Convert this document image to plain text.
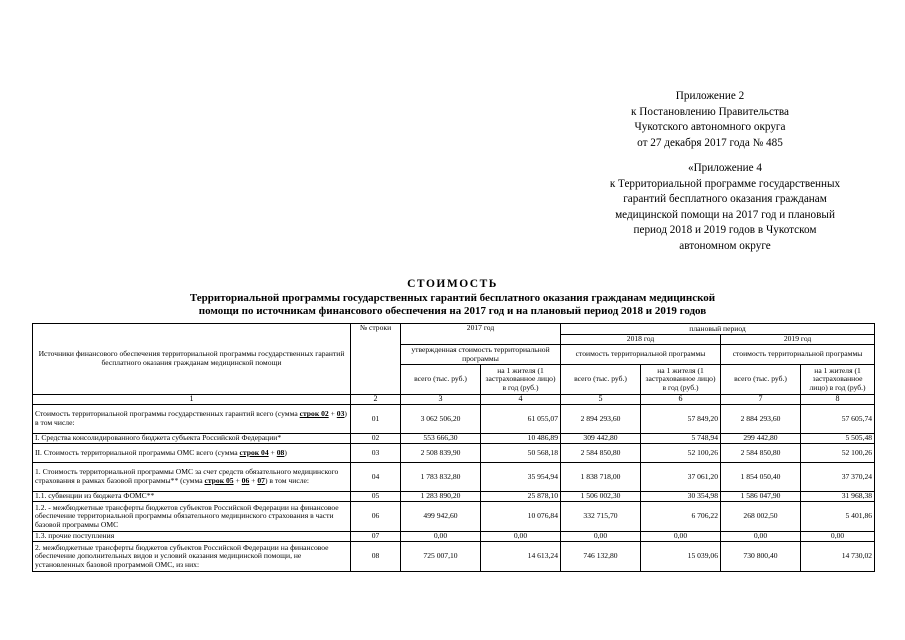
Приложение 2
к Постановлению Правительства
Чукотского автономного округа
от 27 декабря 2017 года № 485
«Приложение 4
к Территориальной программе государственных
гарантий бесплатного оказания гражданам
медицинской помощи на 2017 год и плановый
период 2018 и 2019 годов в Чукотском
автономном округе
СТОИМОСТЬ
Территориальной программы государственных гарантий бесплатного оказания гражданам медицинской
помощи по источникам финансового обеспечения на 2017 год и на плановый период 2018 и 2019 годов
Источники финансового обеспечения территориальной программы государственных гарантий бесплатного оказания гражданам медицинской помощи	№ строки	2017 год		плановый период			
				2018 год		2019 год	
		утвержденная стоимость территориальной программы		стоимость территориальной программы		стоимость территориальной программы	
		всего (тыс. руб.)	на 1 жителя (1 застрахованное лицо) в год (руб.)	всего (тыс. руб.)	на 1 жителя (1 застрахованное лицо) в год (руб.)	всего (тыс. руб.)	на 1 жителя (1 застрахованное лицо) в год (руб.)
1	2	3	4	5	6	7	8
Стоимость территориальной программы государственных гарантий всего (сумма строк 02 + 03) в том числе:	01	3 062 506,20	61 055,07	2 894 293,60	57 849,20	2 884 293,60	57 605,74
I. Средства консолидированного бюджета субъекта Российской Федерации*	02	553 666,30	10 486,89	309 442,80	5 748,94	299 442,80	5 505,48
II. Стоимость территориальной программы ОМС всего (сумма строк 04 + 08)	03	2 508 839,90	50 568,18	2 584 850,80	52 100,26	2 584 850,80	52 100,26
1. Стоимость территориальной программы ОМС за счет средств обязательного медицинского страхования в рамках базовой программы** (сумма строк 05 + 06 + 07) в том числе:	04	1 783 832,80	35 954,94	1 838 718,00	37 061,20	1 854 050,40	37 370,24
1.1. субвенции из бюджета ФОМС**	05	1 283 890,20	25 878,10	1 506 002,30	30 354,98	1 586 047,90	31 968,38
1.2. - межбюджетные трансферты бюджетов субъектов Российской Федерации на финансовое обеспечение территориальной программы обязательного медицинского страхования в части базовой программы ОМС	06	499 942,60	10 076,84	332 715,70	6 706,22	268 002,50	5 401,86
1.3. прочие поступления	07	0,00	0,00	0,00	0,00	0,00	0,00
2. межбюджетные трансферты бюджетов субъектов Российской Федерации на финансовое обеспечение дополнительных видов и условий оказания медицинской помощи, не установленных базовой программой ОМС, из них:	08	725 007,10	14 613,24	746 132,80	15 039,06	730 800,40	14 730,02
